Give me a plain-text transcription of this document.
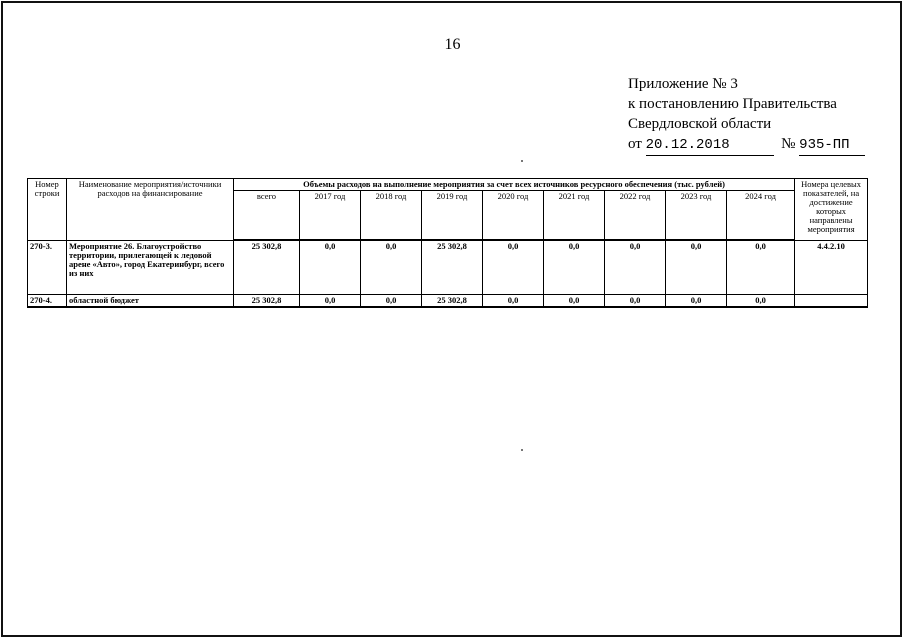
16
Приложение № 3
к постановлению Правительства
Свердловской области
от 20.12.2018	№ 935-ПП
Номер строки	Наименование мероприятия/источники расходов на финансирование	Объемы расходов на выполнение мероприятия за счет всех источников ресурсного обеспечения (тыс. рублей)									Номера целевых показателей, на достижение которых направлены мероприятия
		всего	2017 год	2018 год	2019 год	2020 год	2021 год	2022 год	2023 год	2024 год	
270-3.	Мероприятие 26. Благоустройство территории, прилегающей к ледовой арене «Авто», город Екатеринбург, всего из них	25 302,8	0,0	0,0	25 302,8	0,0	0,0	0,0	0,0	0,0	4.4.2.10
270-4.	областной бюджет	25 302,8	0,0	0,0	25 302,8	0,0	0,0	0,0	0,0	0,0	
